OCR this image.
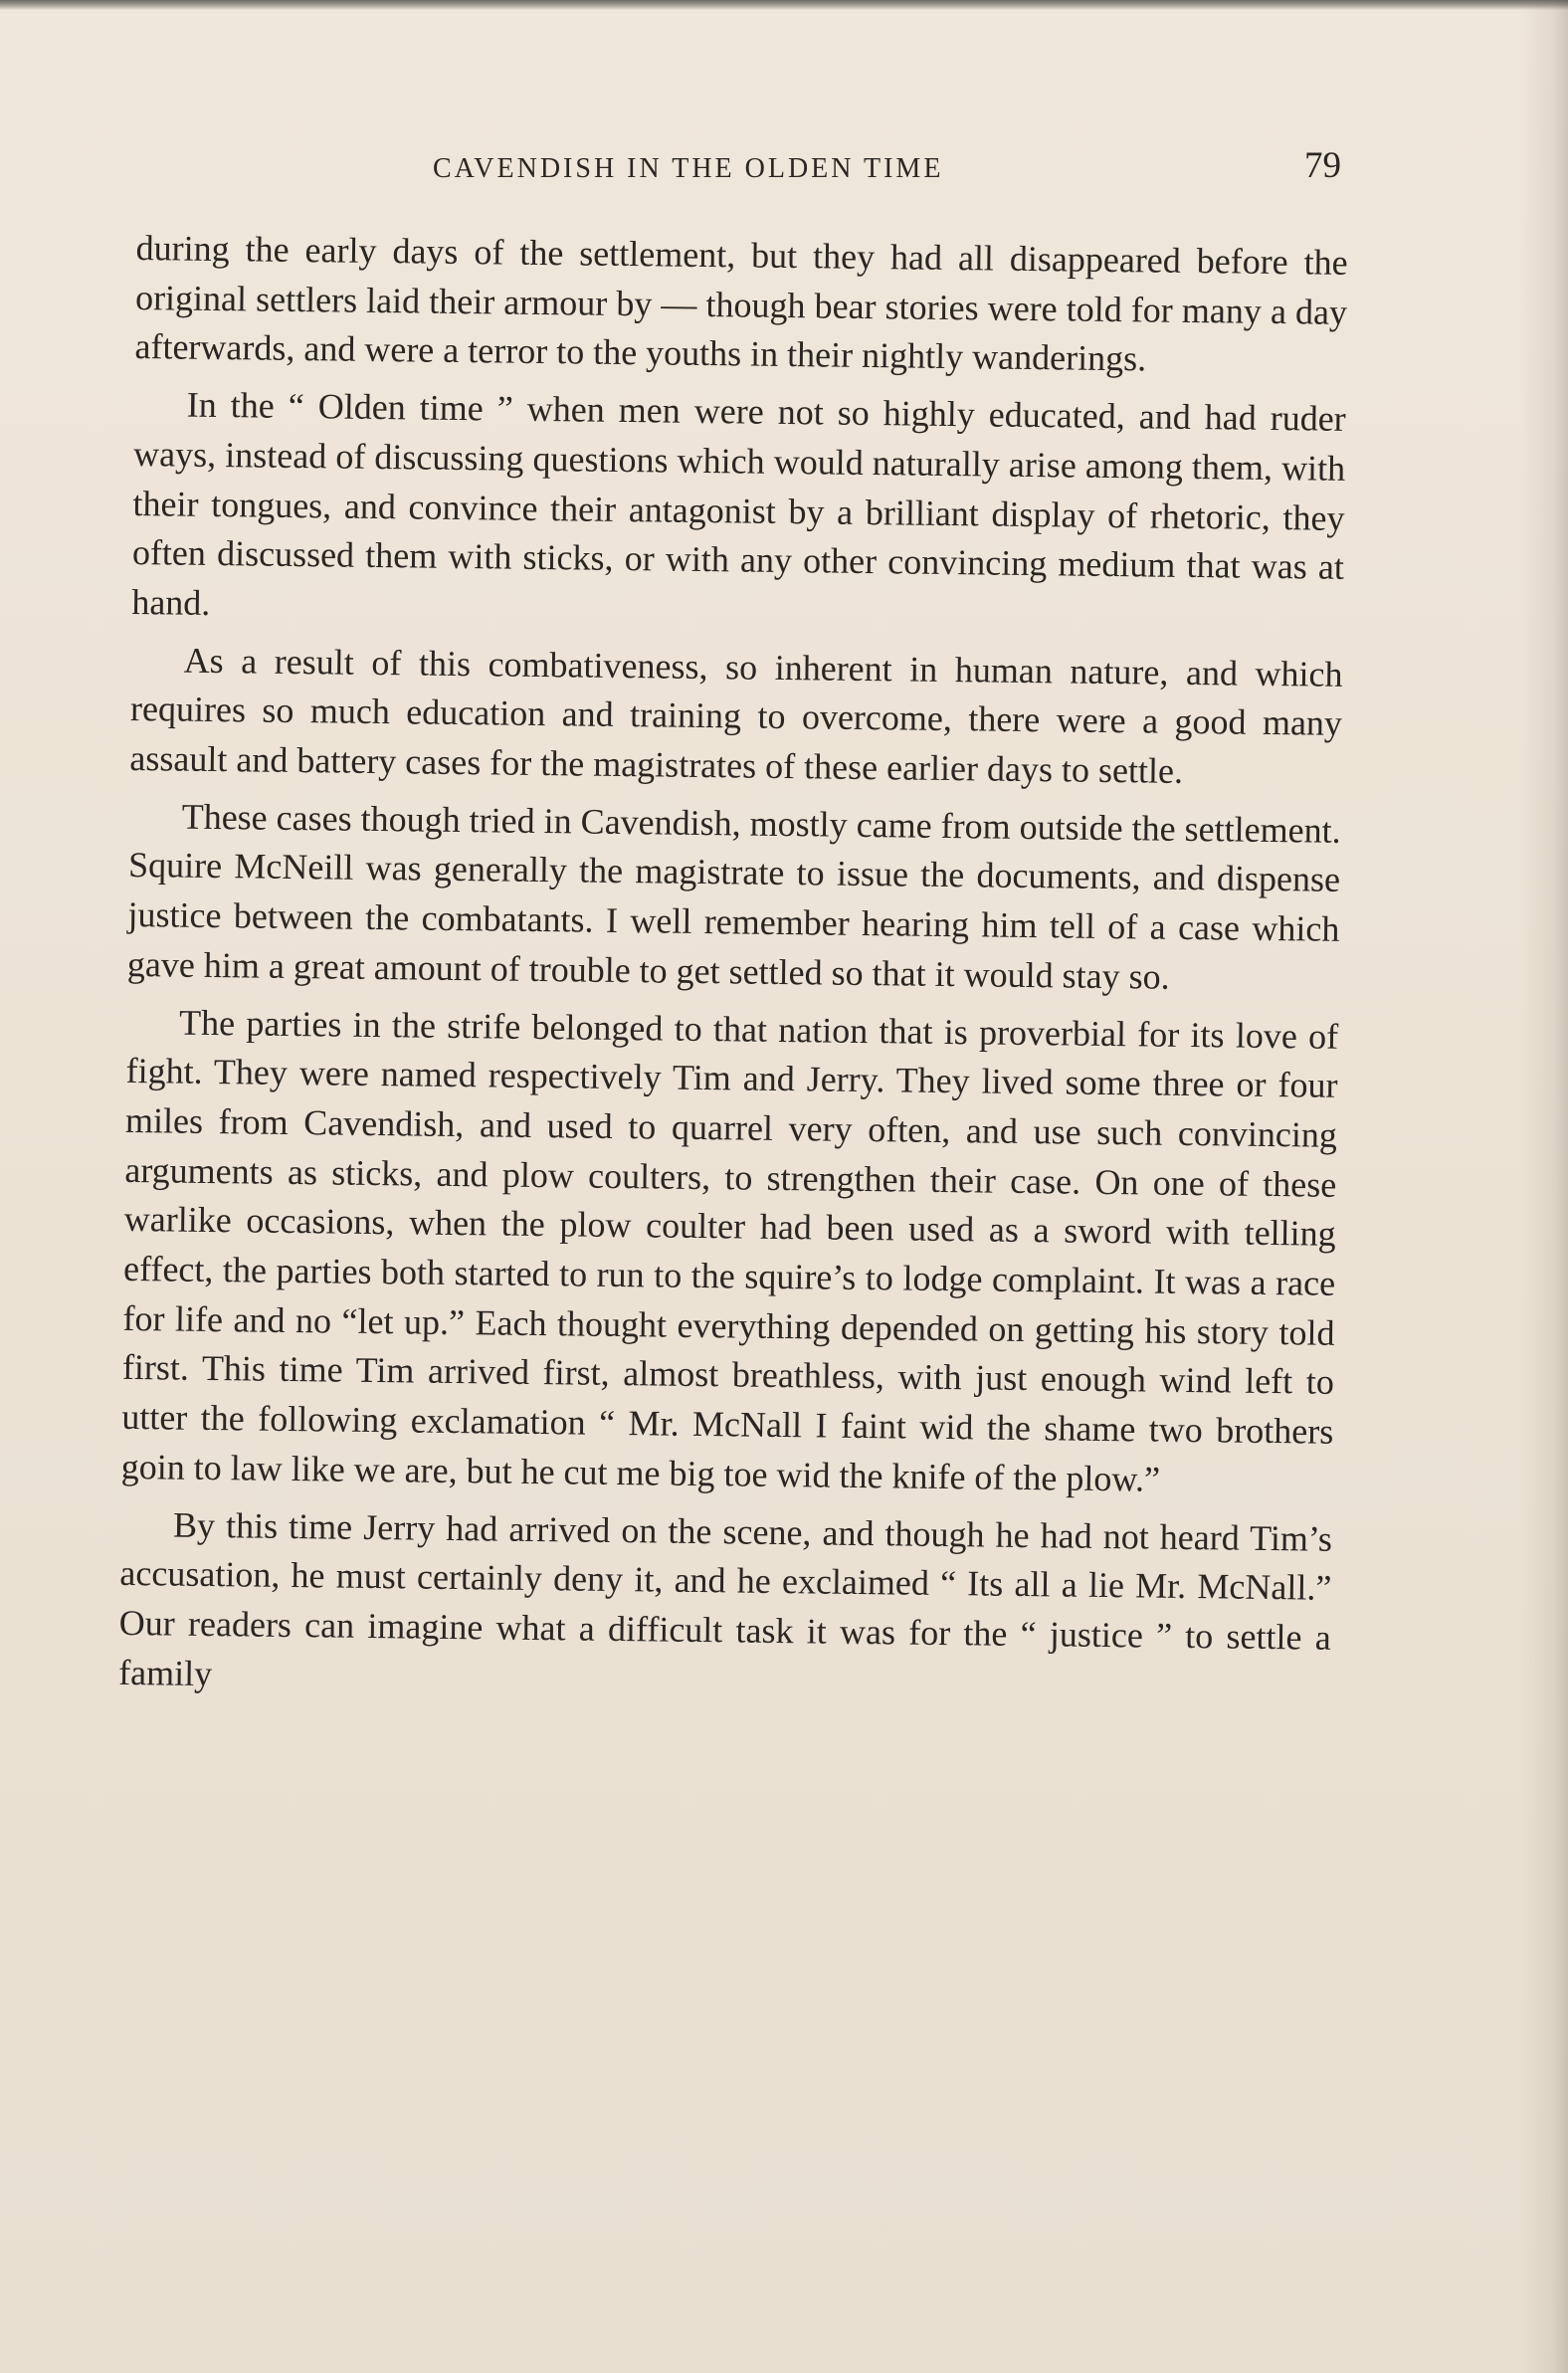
CAVENDISH IN THE OLDEN TIME	79

during the early days of the settlement, but they had all disappeared before the original settlers laid their armour by — though bear stories were told for many a day afterwards, and were a terror to the youths in their nightly wanderings.

In the “ Olden time ” when men were not so highly educated, and had ruder ways, instead of discussing questions which would naturally arise among them, with their tongues, and convince their antagonist by a brilliant display of rhetoric, they often discussed them with sticks, or with any other convincing medium that was at hand.

As a result of this combativeness, so inherent in human nature, and which requires so much education and training to overcome, there were a good many assault and battery cases for the magistrates of these earlier days to settle.

These cases though tried in Cavendish, mostly came from outside the settlement. Squire McNeill was generally the magistrate to issue the documents, and dispense justice between the combatants. I well remember hearing him tell of a case which gave him a great amount of trouble to get settled so that it would stay so.

The parties in the strife belonged to that nation that is proverbial for its love of fight. They were named respectively Tim and Jerry. They lived some three or four miles from Cavendish, and used to quarrel very often, and use such convincing arguments as sticks, and plow coulters, to strengthen their case. On one of these warlike occasions, when the plow coulter had been used as a sword with telling effect, the parties both started to run to the squire’s to lodge complaint. It was a race for life and no “let up.” Each thought everything depended on getting his story told first. This time Tim arrived first, almost breathless, with just enough wind left to utter the following exclamation “ Mr. McNall I faint wid the shame two brothers goin to law like we are, but he cut me big toe wid the knife of the plow.”

By this time Jerry had arrived on the scene, and though he had not heard Tim’s accusation, he must certainly deny it, and he exclaimed “ Its all a lie Mr. McNall.” Our readers can imagine what a difficult task it was for the “ justice ” to settle a family
